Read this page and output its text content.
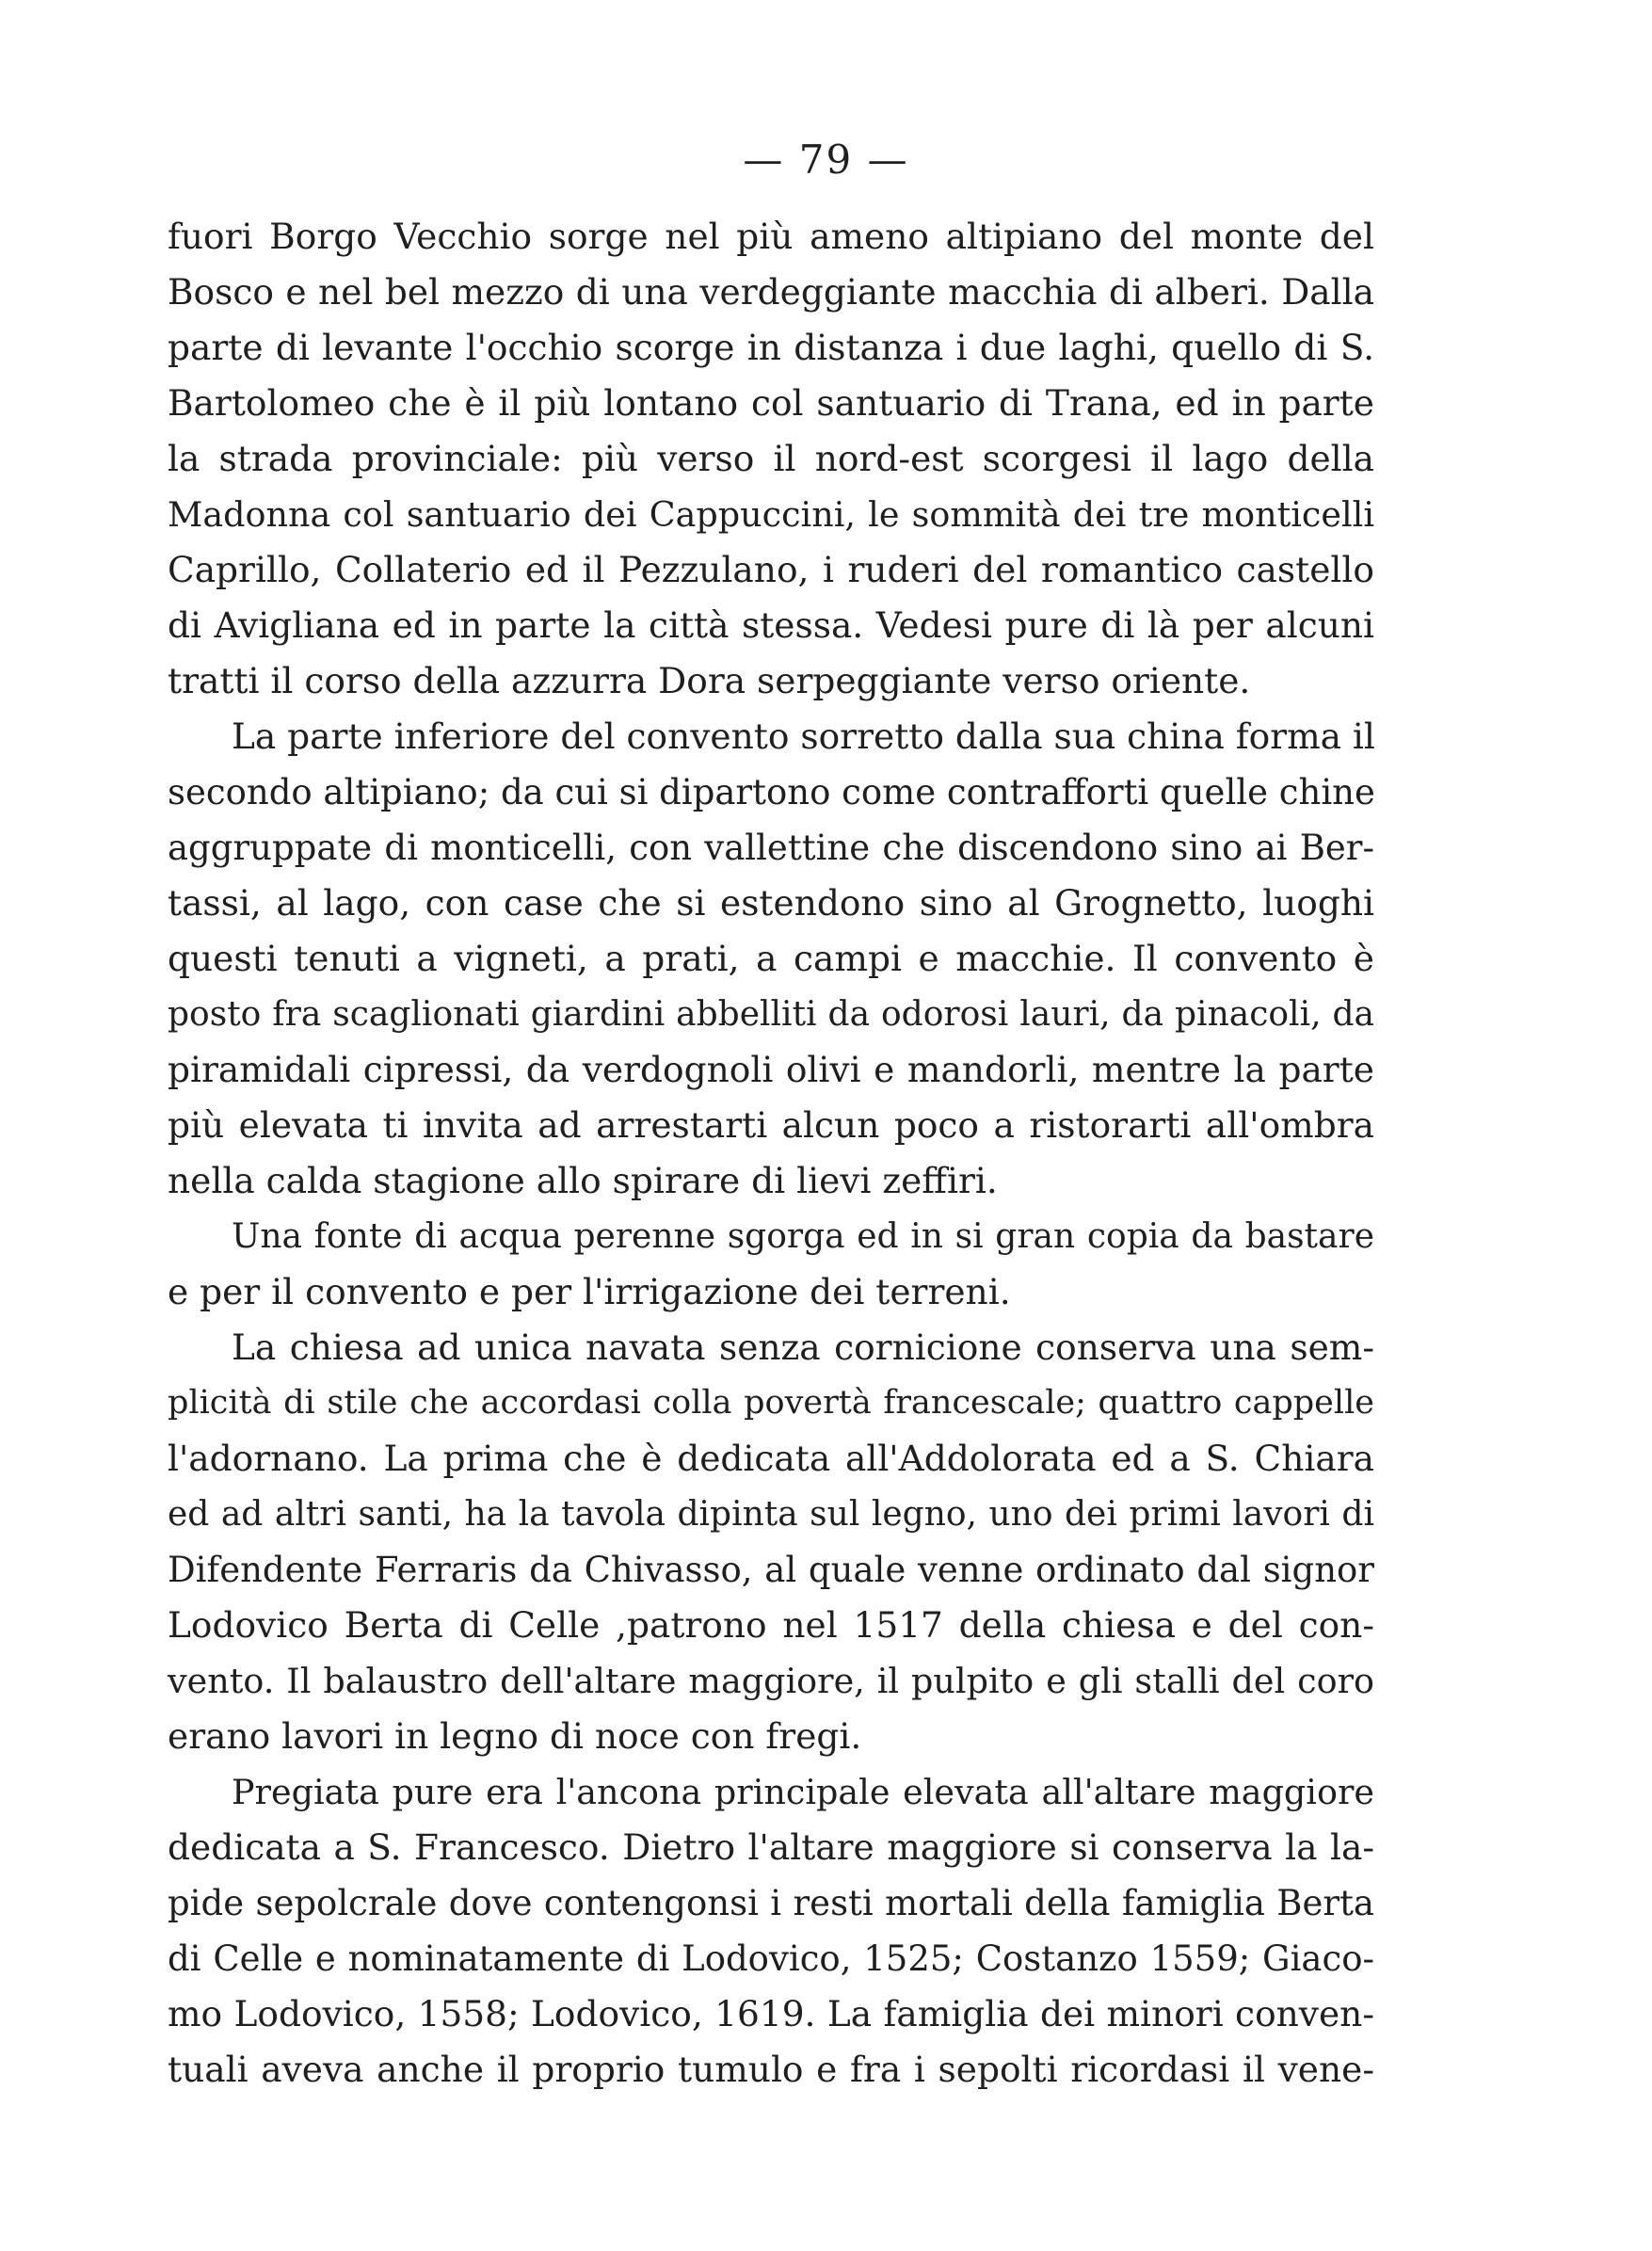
— 79 —

fuori Borgo Vecchio sorge nel più ameno altipiano del monte del
Bosco e nel bel mezzo di una verdeggiante macchia di alberi. Dalla
parte di levante l'occhio scorge in distanza i due laghi, quello di S.
Bartolomeo che è il più lontano col santuario di Trana, ed in parte
la strada provinciale: più verso il nord-est scorgesi il lago della
Madonna col santuario dei Cappuccini, le sommità dei tre monticelli
Caprillo, Collaterio ed il Pezzulano, i ruderi del romantico castello
di Avigliana ed in parte la città stessa. Vedesi pure di là per alcuni
tratti il corso della azzurra Dora serpeggiante verso oriente.

La parte inferiore del convento sorretto dalla sua china forma il
secondo altipiano; da cui si dipartono come contrafforti quelle chine
aggruppate di monticelli, con vallettine che discendono sino ai Ber-
tassi, al lago, con case che si estendono sino al Grognetto, luoghi
questi tenuti a vigneti, a prati, a campi e macchie. Il convento è
posto fra scaglionati giardini abbelliti da odorosi lauri, da pinacoli, da
piramidali cipressi, da verdognoli olivi e mandorli, mentre la parte
più elevata ti invita ad arrestarti alcun poco a ristorarti all'ombra
nella calda stagione allo spirare di lievi zeffiri.

Una fonte di acqua perenne sgorga ed in si gran copia da bastare
e per il convento e per l'irrigazione dei terreni.

La chiesa ad unica navata senza cornicione conserva una sem-
plicità di stile che accordasi colla povertà francescale; quattro cappelle
l'adornano. La prima che è dedicata all'Addolorata ed a S. Chiara
ed ad altri santi, ha la tavola dipinta sul legno, uno dei primi lavori di
Difendente Ferraris da Chivasso, al quale venne ordinato dal signor
Lodovico Berta di Celle ,patrono nel 1517 della chiesa e del con-
vento. Il balaustro dell'altare maggiore, il pulpito e gli stalli del coro
erano lavori in legno di noce con fregi.

Pregiata pure era l'ancona principale elevata all'altare maggiore
dedicata a S. Francesco. Dietro l'altare maggiore si conserva la la-
pide sepolcrale dove contengonsi i resti mortali della famiglia Berta
di Celle e nominatamente di Lodovico, 1525; Costanzo 1559; Giaco-
mo Lodovico, 1558; Lodovico, 1619. La famiglia dei minori conven-
tuali aveva anche il proprio tumulo e fra i sepolti ricordasi il vene-
